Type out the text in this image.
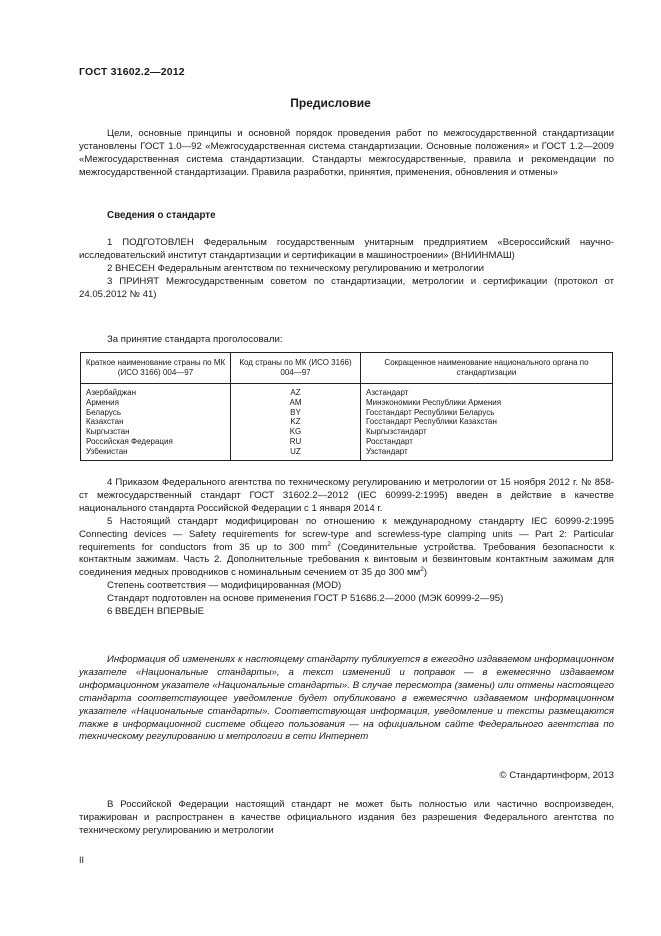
ГОСТ 31602.2—2012
Предисловие

Цели, основные принципы и основной порядок проведения работ по межгосударственной стандартизации установлены ГОСТ 1.0—92 «Межгосударственная система стандартизации. Основные положения» и ГОСТ 1.2—2009 «Межгосударственная система стандартизации. Стандарты межгосударственные, правила и рекомендации по межгосударственной стандартизации. Правила разработки, принятия, применения, обновления и отмены»

Сведения о стандарте

1 ПОДГОТОВЛЕН Федеральным государственным унитарным предприятием «Всероссийский научно-исследовательский институт стандартизации и сертификации в машиностроении» (ВНИИНМАШ)

2 ВНЕСЕН Федеральным агентством по техническому регулированию и метрологии

3 ПРИНЯТ Межгосударственным советом по стандартизации, метрологии и сертификации (протокол от 24.05.2012 № 41)

За принятие стандарта проголосовали:

Краткое наименование страны по МК (ИСО 3166) 004—97	Код страны по МК (ИСО 3166) 004—97	Сокращенное наименование национального органа по стандартизации
Азербайджан	AZ	Азстандарт
Армения	AM	Минэкономики Республики Армения
Беларусь	BY	Госстандарт Республики Беларусь
Казахстан	KZ	Госстандарт Республики Казахстан
Кыргызстан	KG	Кыргызстандарт
Российская Федерация	RU	Росстандарт
Узбекистан	UZ	Узстандарт

4 Приказом Федерального агентства по техническому регулированию и метрологии от 15 ноября 2012 г. № 858-ст межгосударственный стандарт ГОСТ 31602.2—2012 (IEC 60999-2:1995) введен в действие в качестве национального стандарта Российской Федерации с 1 января 2014 г.

5 Настоящий стандарт модифицирован по отношению к международному стандарту IEC 60999-2:1995 Connecting devices — Safety requirements for screw-type and screwless-type clamping units — Part 2: Particular requirements for conductors from 35 up to 300 $mm^2$ (Соединительные устройства. Требования безопасности к контактным зажимам. Часть 2. Дополнительные требования к винтовым и безвинтовым контактным зажимам для соединения медных проводников с номинальным сечением от 35 до 300 $мм^2$)

Степень соответствия — модифицированная (MOD)

Стандарт подготовлен на основе применения ГОСТ Р 51686.2—2000 (МЭК 60999-2—95)

6 ВВЕДЕН ВПЕРВЫЕ

Информация об изменениях к настоящему стандарту публикуется в ежегодно издаваемом информационном указателе «Национальные стандарты», а текст изменений и поправок — в ежемесячно издаваемом информационном указателе «Национальные стандарты». В случае пересмотра (замены) или отмены настоящего стандарта соответствующее уведомление будет опубликовано в ежемесячно издаваемом информационном указателе «Национальные стандарты». Соответствующая информация, уведомление и тексты размещаются также в информационной системе общего пользования — на официальном сайте Федерального агентства по техническому регулированию и метрологии в сети Интернет

© Стандартинформ, 2013

В Российской Федерации настоящий стандарт не может быть полностью или частично воспроизведен, тиражирован и распространен в качестве официального издания без разрешения Федерального агентства по техническому регулированию и метрологии

II
